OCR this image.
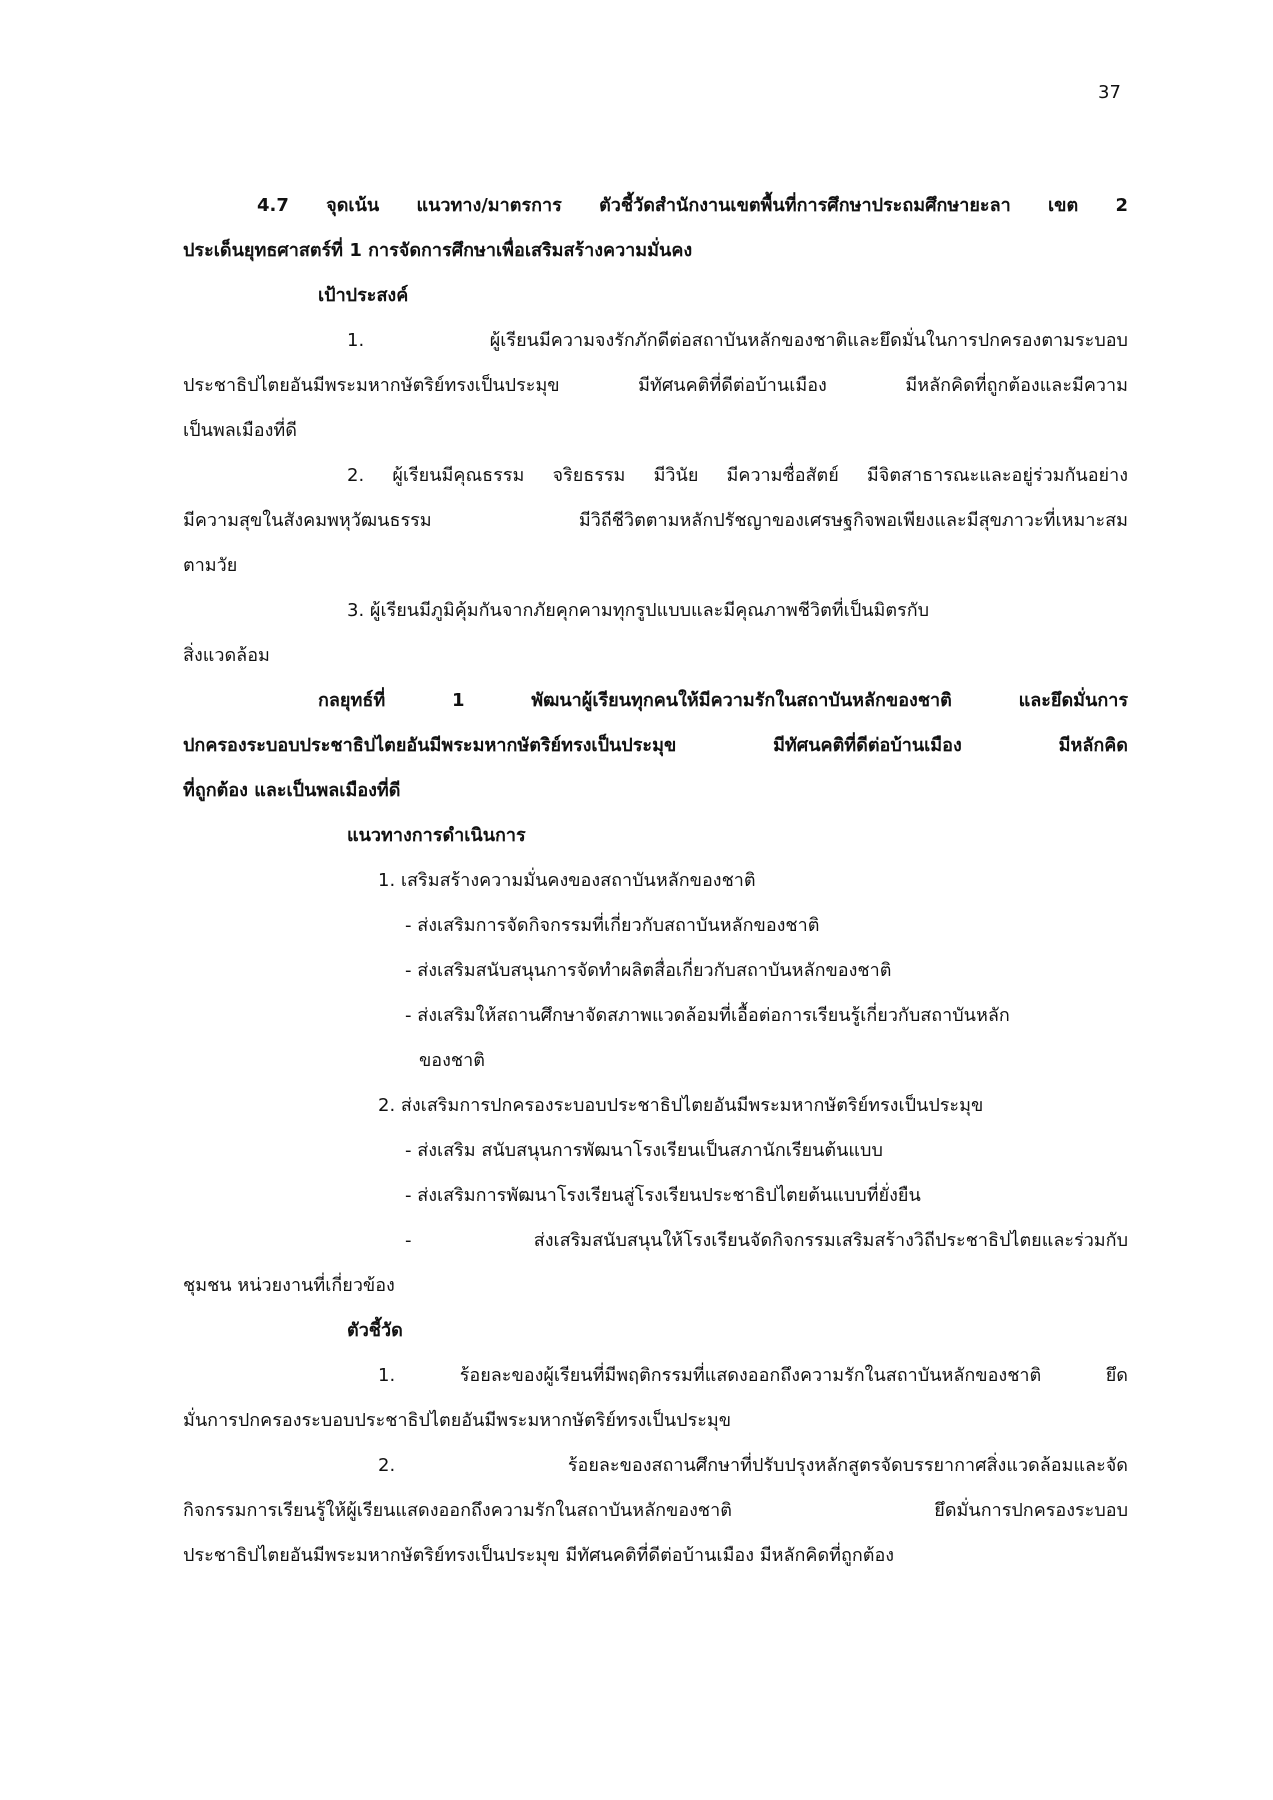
37
4.7 จุดเน้น แนวทาง/มาตรการ ตัวชี้วัดสำนักงานเขตพื้นที่การศึกษาประถมศึกษายะลา เขต 2
ประเด็นยุทธศาสตร์ที่ 1 การจัดการศึกษาเพื่อเสริมสร้างความมั่นคง
เป้าประสงค์
1. ผู้เรียนมีความจงรักภักดีต่อสถาบันหลักของชาติและยึดมั่นในการปกครองตามระบอบ
ประชาธิปไตยอันมีพระมหากษัตริย์ทรงเป็นประมุข มีทัศนคติที่ดีต่อบ้านเมือง มีหลักคิดที่ถูกต้องและมีความ
เป็นพลเมืองที่ดี
2. ผู้เรียนมีคุณธรรม จริยธรรม มีวินัย มีความซื่อสัตย์ มีจิตสาธารณะและอยู่ร่วมกันอย่าง
มีความสุขในสังคมพหุวัฒนธรรม มีวิถีชีวิตตามหลักปรัชญาของเศรษฐกิจพอเพียงและมีสุขภาวะที่เหมาะสม
ตามวัย
3. ผู้เรียนมีภูมิคุ้มกันจากภัยคุกคามทุกรูปแบบและมีคุณภาพชีวิตที่เป็นมิตรกับ
สิ่งแวดล้อม
กลยุทธ์ที่ 1 พัฒนาผู้เรียนทุกคนให้มีความรักในสถาบันหลักของชาติ และยึดมั่นการ
ปกครองระบอบประชาธิปไตยอันมีพระมหากษัตริย์ทรงเป็นประมุข มีทัศนคติที่ดีต่อบ้านเมือง มีหลักคิด
ที่ถูกต้อง และเป็นพลเมืองที่ดี
แนวทางการดำเนินการ
1. เสริมสร้างความมั่นคงของสถาบันหลักของชาติ
- ส่งเสริมการจัดกิจกรรมที่เกี่ยวกับสถาบันหลักของชาติ
- ส่งเสริมสนับสนุนการจัดทำผลิตสื่อเกี่ยวกับสถาบันหลักของชาติ
- ส่งเสริมให้สถานศึกษาจัดสภาพแวดล้อมที่เอื้อต่อการเรียนรู้เกี่ยวกับสถาบันหลัก
ของชาติ
2. ส่งเสริมการปกครองระบอบประชาธิปไตยอันมีพระมหากษัตริย์ทรงเป็นประมุข
- ส่งเสริม สนับสนุนการพัฒนาโรงเรียนเป็นสภานักเรียนต้นแบบ
- ส่งเสริมการพัฒนาโรงเรียนสู่โรงเรียนประชาธิปไตยต้นแบบที่ยั่งยืน
- ส่งเสริมสนับสนุนให้โรงเรียนจัดกิจกรรมเสริมสร้างวิถีประชาธิปไตยและร่วมกับ
ชุมชน หน่วยงานที่เกี่ยวข้อง
ตัวชี้วัด
1. ร้อยละของผู้เรียนที่มีพฤติกรรมที่แสดงออกถึงความรักในสถาบันหลักของชาติ ยึด
มั่นการปกครองระบอบประชาธิปไตยอันมีพระมหากษัตริย์ทรงเป็นประมุข
2. ร้อยละของสถานศึกษาที่ปรับปรุงหลักสูตรจัดบรรยากาศสิ่งแวดล้อมและจัด
กิจกรรมการเรียนรู้ให้ผู้เรียนแสดงออกถึงความรักในสถาบันหลักของชาติ ยึดมั่นการปกครองระบอบ
ประชาธิปไตยอันมีพระมหากษัตริย์ทรงเป็นประมุข มีทัศนคติที่ดีต่อบ้านเมือง มีหลักคิดที่ถูกต้อง
